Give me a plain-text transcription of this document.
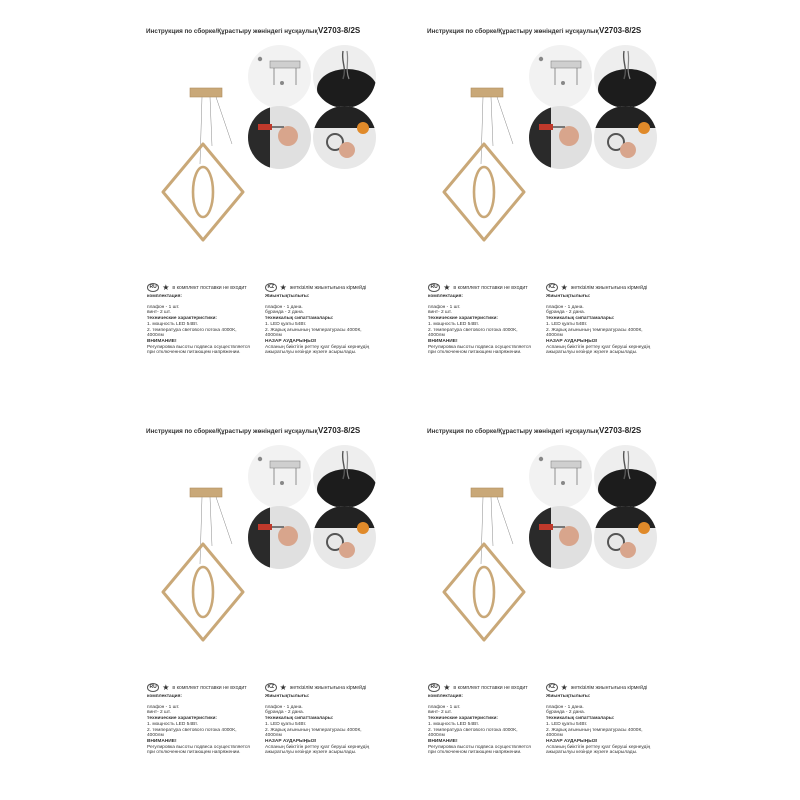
Инструкция по сборке/Құрастыру жөніндегі нұсқаулық V2703-8/2S
RU ★ в комплект поставки не входит	KZ ★ жеткізілім жиынтығына кірмейді
комплектация:
плафон - 1 шт.
винт- 2 шт.
технические характеристики:
1. мощность LED 54Вт.
2. температура светового потока 4000K,
4000лм
ВНИМАНИЕ!
Регулировка высоты подвеса осуществляется
при отключенном питающем напряжении.
Жиынтықтылығы:
плафон - 1 дана.
бұрандa - 2 дана.
техникалық сипаттамалары:
1. LED қуаты 54Вт.
2. Жарық ағынының температурасы 4000К,
4000лм
НАЗАР АУДАРЫҢЫЗ!
Аспаның биіктігін реттеу қуат беруші кернеудің
ажыратылуы кезінде жүзеге асырылады.
Инструкция по сборке/Құрастыру жөніндегі нұсқаулық V2703-8/2S
RU ★ в комплект поставки не входит	KZ ★ жеткізілім жиынтығына кірмейді
комплектация:
плафон - 1 шт.
винт- 2 шт.
технические характеристики:
1. мощность LED 54Вт.
2. температура светового потока 4000K,
4000лм
ВНИМАНИЕ!
Регулировка высоты подвеса осуществляется
при отключенном питающем напряжении.
Жиынтықтылығы:
плафон - 1 дана.
бұрандa - 2 дана.
техникалық сипаттамалары:
1. LED қуаты 54Вт.
2. Жарық ағынының температурасы 4000К,
4000лм
НАЗАР АУДАРЫҢЫЗ!
Аспаның биіктігін реттеу қуат беруші кернеудің
ажыратылуы кезінде жүзеге асырылады.
Инструкция по сборке/Құрастыру жөніндегі нұсқаулық V2703-8/2S
RU ★ в комплект поставки не входит	KZ ★ жеткізілім жиынтығына кірмейді
комплектация:
плафон - 1 шт.
винт- 2 шт.
технические характеристики:
1. мощность LED 54Вт.
2. температура светового потока 4000K,
4000лм
ВНИМАНИЕ!
Регулировка высоты подвеса осуществляется
при отключенном питающем напряжении.
Жиынтықтылығы:
плафон - 1 дана.
бұрандa - 2 дана.
техникалық сипаттамалары:
1. LED қуаты 54Вт.
2. Жарық ағынының температурасы 4000К,
4000лм
НАЗАР АУДАРЫҢЫЗ!
Аспаның биіктігін реттеу қуат беруші кернеудің
ажыратылуы кезінде жүзеге асырылады.
Инструкция по сборке/Құрастыру жөніндегі нұсқаулық V2703-8/2S
RU ★ в комплект поставки не входит	KZ ★ жеткізілім жиынтығына кірмейді
комплектация:
плафон - 1 шт.
винт- 2 шт.
технические характеристики:
1. мощность LED 54Вт.
2. температура светового потока 4000K,
4000лм
ВНИМАНИЕ!
Регулировка высоты подвеса осуществляется
при отключенном питающем напряжении.
Жиынтықтылығы:
плафон - 1 дана.
бұрандa - 2 дана.
техникалық сипаттамалары:
1. LED қуаты 54Вт.
2. Жарық ағынының температурасы 4000К,
4000лм
НАЗАР АУДАРЫҢЫЗ!
Аспаның биіктігін реттеу қуат беруші кернеудің
ажыратылуы кезінде жүзеге асырылады.
